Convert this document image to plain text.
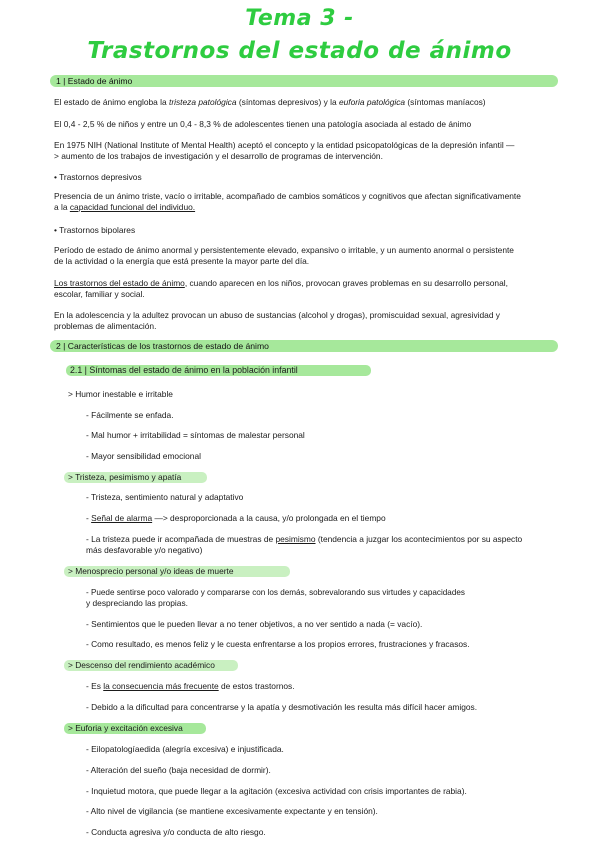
Tema 3 -
Trastornos del estado de ánimo
1 | Estado de ánimo
El estado de ánimo engloba la tristeza patológica (síntomas depresivos) y la euforia patológica (síntomas maníacos)
El 0,4 - 2,5 % de niños y entre un 0,4 - 8,3 % de adolescentes tienen una patología asociada al estado de ánimo
En 1975 NIH (National Institute of Mental Health) aceptó el concepto y la entidad psicopatológicas de la depresión infantil —
> aumento de los trabajos de investigación y el desarrollo de programas de intervención.
• Trastornos depresivos
Presencia de un ánimo triste, vacío o irritable, acompañado de cambios somáticos y cognitivos que afectan significativamente
a la capacidad funcional del individuo.
• Trastornos bipolares
Período de estado de ánimo anormal y persistentemente elevado, expansivo o irritable, y un aumento anormal o persistente
de la actividad o la energía que está presente la mayor parte del día.
Los trastornos del estado de ánimo, cuando aparecen en los niños, provocan graves problemas en su desarrollo personal,
escolar, familiar y social.
En la adolescencia y la adultez provocan un abuso de sustancias (alcohol y drogas), promiscuidad sexual, agresividad y
problemas de alimentación.
2 | Características de los trastornos de estado de ánimo
2.1 | Síntomas del estado de ánimo en la población infantil
> Humor inestable e irritable
- Fácilmente se enfada.
- Mal humor + irritabilidad = síntomas de malestar personal
- Mayor sensibilidad emocional
> Tristeza, pesimismo y apatía
- Tristeza, sentimiento natural y adaptativo
- Señal de alarma —> desproporcionada a la causa, y/o prolongada en el tiempo
- La tristeza puede ir acompañada de muestras de pesimismo (tendencia a juzgar los acontecimientos por su aspecto
más desfavorable y/o negativo)
> Menosprecio personal y/o ideas de muerte
- Puede sentirse poco valorado y compararse con los demás, sobrevalorando sus virtudes y capacidades
y despreciando las propias.
- Sentimientos que le pueden llevar a no tener objetivos, a no ver sentido a nada (= vacío).
- Como resultado, es menos feliz y le cuesta enfrentarse a los propios errores, frustraciones y fracasos.
> Descenso del rendimiento académico
- Es la consecuencia más frecuente de estos trastornos.
- Debido a la dificultad para concentrarse y la apatía y desmotivación les resulta más difícil hacer amigos.
> Euforia y excitación excesiva
- Eilopatologíaedida (alegría excesiva) e injustificada.
- Alteración del sueño (baja necesidad de dormir).
- Inquietud motora, que puede llegar a la agitación (excesiva actividad con crisis importantes de rabia).
- Alto nivel de vigilancia (se mantiene excesivamente expectante y en tensión).
- Conducta agresiva y/o conducta de alto riesgo.
